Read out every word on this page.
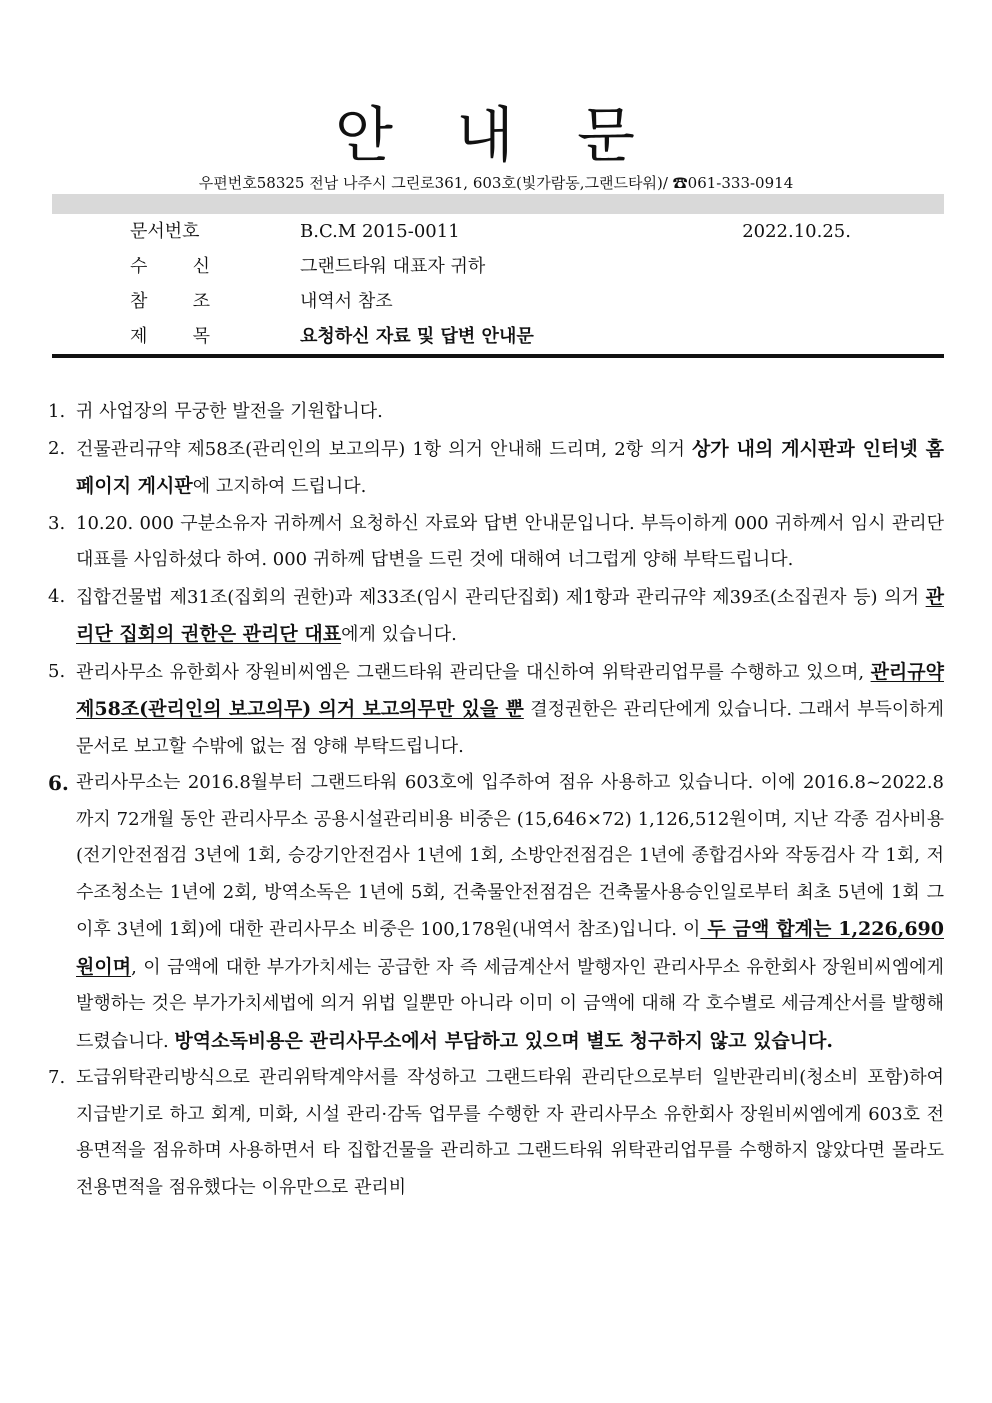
안 내 문
우편번호58325 전남 나주시 그린로361, 603호(빛가람동,그랜드타워)/ ☎061-333-0914
문서번호	B.C.M 2015-0011	2022.10.25.
수	신	그랜드타워 대표자 귀하
참	조	내역서 참조
제	목	요청하신 자료 및 답변 안내문
1. 귀 사업장의 무궁한 발전을 기원합니다.
2. 건물관리규약 제58조(관리인의 보고의무) 1항 의거 안내해 드리며, 2항 의거 상가 내의 게시판과 인터넷 홈페이지 게시판에 고지하여 드립니다.
3. 10.20. 000 구분소유자 귀하께서 요청하신 자료와 답변 안내문입니다. 부득이하게 000 귀하께서 임시 관리단 대표를 사임하셨다 하여. 000 귀하께 답변을 드린 것에 대해여 너그럽게 양해 부탁드립니다.
4. 집합건물법 제31조(집회의 권한)과 제33조(임시 관리단집회) 제1항과 관리규약 제39조(소집권자 등) 의거 관리단 집회의 권한은 관리단 대표에게 있습니다.
5. 관리사무소 유한회사 장원비씨엠은 그랜드타워 관리단을 대신하여 위탁관리업무를 수행하고 있으며, 관리규약 제58조(관리인의 보고의무) 의거 보고의무만 있을 뿐 결정권한은 관리단에게 있습니다. 그래서 부득이하게 문서로 보고할 수밖에 없는 점 양해 부탁드립니다.
6. 관리사무소는 2016.8월부터 그랜드타워 603호에 입주하여 점유 사용하고 있습니다. 이에 2016.8~2022.8까지 72개월 동안 관리사무소 공용시설관리비용 비중은 (15,646×72) 1,126,512원이며, 지난 각종 검사비용(전기안전점검 3년에 1회, 승강기안전검사 1년에 1회, 소방안전점검은 1년에 종합검사와 작동검사 각 1회, 저수조청소는 1년에 2회, 방역소독은 1년에 5회, 건축물안전점검은 건축물사용승인일로부터 최초 5년에 1회 그 이후 3년에 1회)에 대한 관리사무소 비중은 100,178원(내역서 참조)입니다. 이 두 금액 합계는 1,226,690원이며, 이 금액에 대한 부가가치세는 공급한 자 즉 세금계산서 발행자인 관리사무소 유한회사 장원비씨엠에게 발행하는 것은 부가가치세법에 의거 위법 일뿐만 아니라 이미 이 금액에 대해 각 호수별로 세금계산서를 발행해드렸습니다. 방역소독비용은 관리사무소에서 부담하고 있으며 별도 청구하지 않고 있습니다.
7. 도급위탁관리방식으로 관리위탁계약서를 작성하고 그랜드타워 관리단으로부터 일반관리비(청소비 포함)하여 지급받기로 하고 회계, 미화, 시설 관리·감독 업무를 수행한 자 관리사무소 유한회사 장원비씨엠에게 603호 전용면적을 점유하며 사용하면서 타 집합건물을 관리하고 그랜드타워 위탁관리업무를 수행하지 않았다면 몰라도 전용면적을 점유했다는 이유만으로 관리비
